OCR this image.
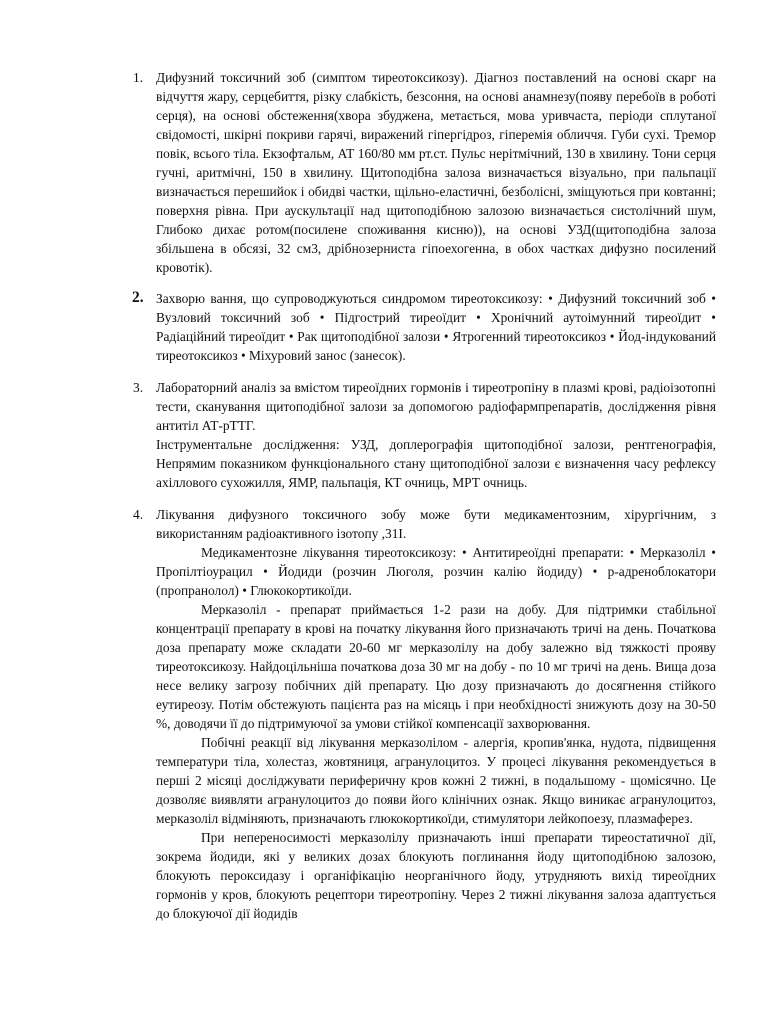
1. Дифузний токсичний зоб (симптом тиреотоксикозу). Діагноз поставлений на основі скарг на відчуття жару, серцебиття, різку слабкість, безсоння, на основі анамнезу(появу перебоїв в роботі серця), на основі обстеження(хвора збуджена, метається, мова уривчаста, періоди сплутаної свідомості, шкірні покриви гарячі, виражений гіпергідроз, гіперемія обличчя. Губи сухі. Тремор повік, всього тіла. Екзофтальм, АТ 160/80 мм рт.ст. Пульс нерітмічний, 130 в хвилину. Тони серця гучні, аритмічні, 150 в хвилину. Щитоподібна залоза визначається візуально, при пальпації визначається перешийок і обидві частки, щільно-еластичні, безболісні, зміщуються при ковтанні; поверхня рівна. При аускультації над щитоподібною залозою визначається систолічний шум, Глибоко дихає ротом(посилене споживання кисню)), на основі УЗД(щитоподібна залоза збільшена в обсязі, 32 см3, дрібнозерниста гіпоехогенна, в обох частках дифузно посилений кровотік).

2. Захворю вання, що супроводжуються синдромом тиреотоксикозу: • Дифузний токсичний зоб • Вузловий токсичний зоб • Підгострий тиреоїдит • Хронічний аутоімунний тиреоїдит • Радіаційний тиреоїдит • Рак щитоподібної залози • Ятрогенний тиреотоксикоз • Йод-індукований тиреотоксикоз • Міхуровий занос (занесок).

3. Лабораторний аналіз за вмістом тиреоїдних гормонів і тиреотропіну в плазмі крові, радіоізотопні тести, сканування щитоподібної залози за допомогою радіофармпрепаратів, дослідження рівня антитіл АТ-рТТГ.

Інструментальне дослідження: УЗД, доплерографія щитоподібної залози, рентгенографія, Непрямим показником функціонального стану щитоподібної залози є визначення часу рефлексу ахіллового сухожилля, ЯМР, пальпація, КТ очниць, МРТ очниць.

4. Лікування дифузного токсичного зобу може бути медикаментозним, хірургічним, з використанням радіоактивного ізотопу ,31I.

Медикаментозне лікування тиреотоксикозу: • Антитиреоїдні препарати: • Мерказоліл • Пропілтіоурацил • Йодиди (розчин Люголя, розчин калію йодиду) • р-адреноблокатори (пропранолол) • Глюкокортикоїди.

Мерказоліл - препарат приймається 1-2 рази на добу. Для підтримки стабільної концентрації препарату в крові на початку лікування його призначають тричі на день. Початкова доза препарату може складати 20-60 мг мерказолілу на добу залежно від тяжкості прояву тиреотоксикозу. Найдоцільніша початкова доза 30 мг на добу - по 10 мг тричі на день. Вища доза несе велику загрозу побічних дій препарату. Цю дозу призначають до досягнення стійкого еутиреозу. Потім обстежують пацієнта раз на місяць і при необхідності знижують дозу на 30-50 %, доводячи її до підтримуючої за умови стійкої компенсації захворювання.

Побічні реакції від лікування мерказолілом - алергія, кропив'янка, нудота, підвищення температури тіла, холестаз, жовтяниця, агранулоцитоз. У процесі лікування рекомендується в перші 2 місяці досліджувати периферичну кров кожні 2 тижні, в подальшому - щомісячно. Це дозволяє виявляти агранулоцитоз до появи його клінічних ознак. Якщо виникає агранулоцитоз, мерказоліл відміняють, призначають глюкокортикоїди, стимулятори лейкопоезу, плазмаферез.

При непереносимості мерказолілу призначають інші препарати тиреостатичної дії, зокрема йодиди, які у великих дозах блокують поглинання йоду щитоподібною залозою, блокують пероксидазу і органіфікацію неорганічного йоду, утрудняють вихід тиреоїдних гормонів у кров, блокують рецептори тиреотропіну. Через 2 тижні лікування залоза адаптується до блокуючої дії йодидів
